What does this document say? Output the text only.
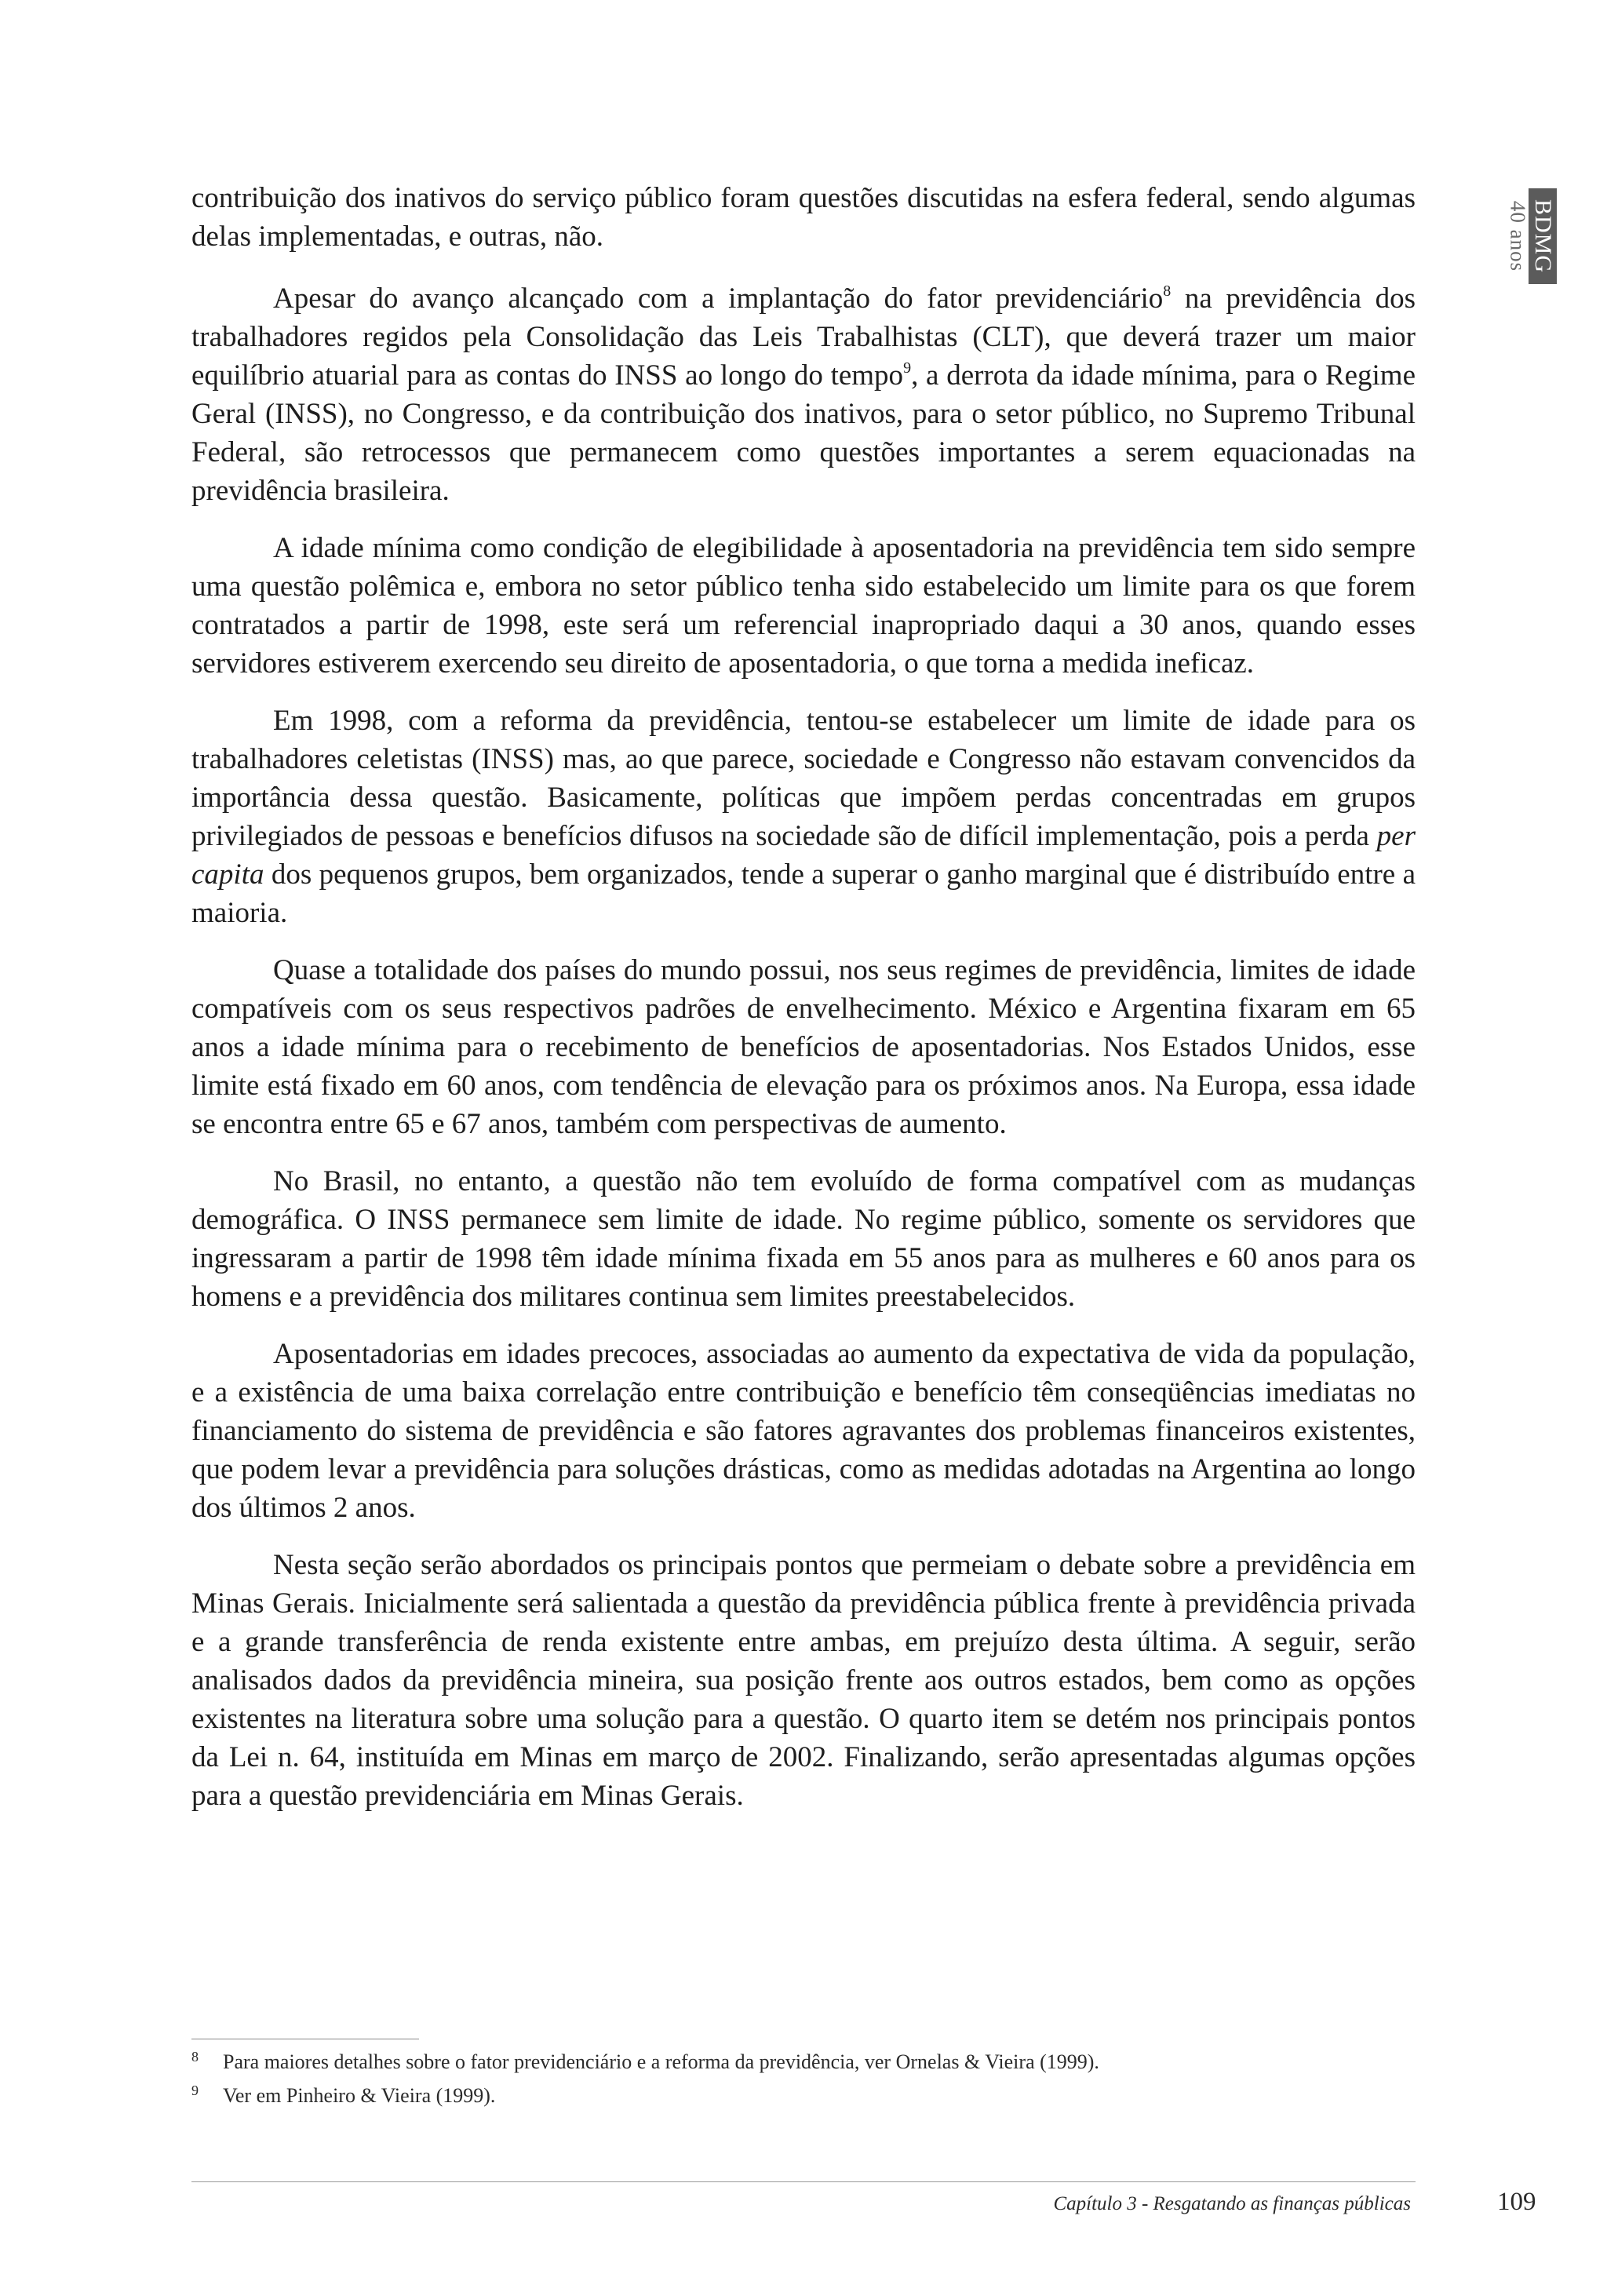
BDMG
40 anos

contribuição dos inativos do serviço público foram questões discutidas na esfera federal, sendo algumas delas implementadas, e outras, não.

Apesar do avanço alcançado com a implantação do fator previdenciário$^8$ na previdência dos trabalhadores regidos pela Consolidação das Leis Trabalhistas (CLT), que deverá trazer um maior equilíbrio atuarial para as contas do INSS ao longo do tempo$^9$, a derrota da idade mínima, para o Regime Geral (INSS), no Congresso, e da contribuição dos inativos, para o setor público, no Supremo Tribunal Federal, são retrocessos que permanecem como questões importantes a serem equacionadas na previdência brasileira.

A idade mínima como condição de elegibilidade à aposentadoria na previdência tem sido sempre uma questão polêmica e, embora no setor público tenha sido estabelecido um limite para os que forem contratados a partir de 1998, este será um referencial inapropriado daqui a 30 anos, quando esses servidores estiverem exercendo seu direito de aposentadoria, o que torna a medida ineficaz.

Em 1998, com a reforma da previdência, tentou-se estabelecer um limite de idade para os trabalhadores celetistas (INSS) mas, ao que parece, sociedade e Congresso não estavam convencidos da importância dessa questão. Basicamente, políticas que impõem perdas concentradas em grupos privilegiados de pessoas e benefícios difusos na sociedade são de difícil implementação, pois a perda per capita dos pequenos grupos, bem organizados, tende a superar o ganho marginal que é distribuído entre a maioria.

Quase a totalidade dos países do mundo possui, nos seus regimes de previdência, limites de idade compatíveis com os seus respectivos padrões de envelhecimento. México e Argentina fixaram em 65 anos a idade mínima para o recebimento de benefícios de aposentadorias. Nos Estados Unidos, esse limite está fixado em 60 anos, com tendência de elevação para os próximos anos. Na Europa, essa idade se encontra entre 65 e 67 anos, também com perspectivas de aumento.

No Brasil, no entanto, a questão não tem evoluído de forma compatível com as mudanças demográfica. O INSS permanece sem limite de idade. No regime público, somente os servidores que ingressaram a partir de 1998 têm idade mínima fixada em 55 anos para as mulheres e 60 anos para os homens e a previdência dos militares continua sem limites preestabelecidos.

Aposentadorias em idades precoces, associadas ao aumento da expectativa de vida da população, e a existência de uma baixa correlação entre contribuição e benefício têm conseqüências imediatas no financiamento do sistema de previdência e são fatores agravantes dos problemas financeiros existentes, que podem levar a previdência para soluções drásticas, como as medidas adotadas na Argentina ao longo dos últimos 2 anos.

Nesta seção serão abordados os principais pontos que permeiam o debate sobre a previdência em Minas Gerais. Inicialmente será salientada a questão da previdência pública frente à previdência privada e a grande transferência de renda existente entre ambas, em prejuízo desta última. A seguir, serão analisados dados da previdência mineira, sua posição frente aos outros estados, bem como as opções existentes na literatura sobre uma solução para a questão. O quarto item se detém nos principais pontos da Lei n. 64, instituída em Minas em março de 2002. Finalizando, serão apresentadas algumas opções para a questão previdenciária em Minas Gerais.

8 Para maiores detalhes sobre o fator previdenciário e a reforma da previdência, ver Ornelas & Vieira (1999).
9 Ver em Pinheiro & Vieira (1999).
Capítulo 3 - Resgatando as finanças públicas	109
